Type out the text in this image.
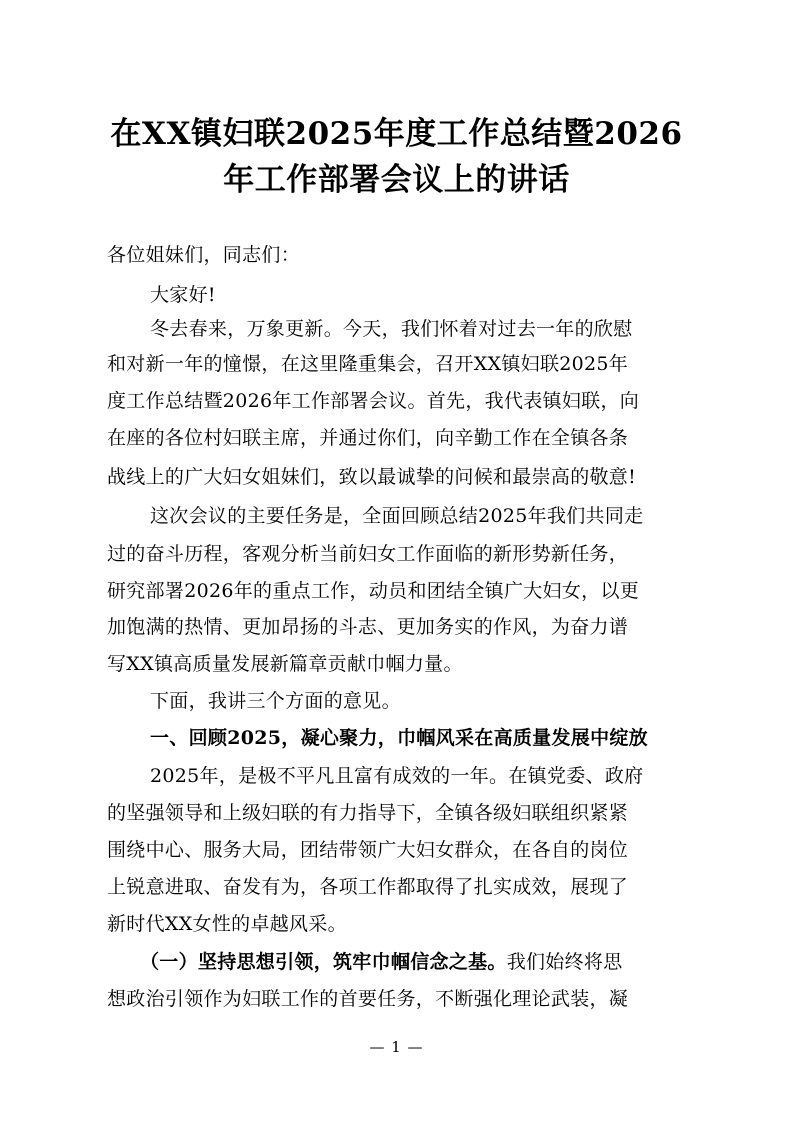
在XX镇妇联2025年度工作总结暨2026
年工作部署会议上的讲话
各位姐妹们，同志们：
大家好!
冬去春来，万象更新。今天，我们怀着对过去一年的欣慰
和对新一年的憧憬，在这里隆重集会，召开XX镇妇联2025年
度工作总结暨2026年工作部署会议。首先，我代表镇妇联，向
在座的各位村妇联主席，并通过你们，向辛勤工作在全镇各条
战线上的广大妇女姐妹们，致以最诚挚的问候和最崇高的敬意!
这次会议的主要任务是，全面回顾总结2025年我们共同走
过的奋斗历程，客观分析当前妇女工作面临的新形势新任务，
研究部署2026年的重点工作，动员和团结全镇广大妇女，以更
加饱满的热情、更加昂扬的斗志、更加务实的作风，为奋力谱
写XX镇高质量发展新篇章贡献巾帼力量。
下面，我讲三个方面的意见。
一、回顾2025，凝心聚力，巾帼风采在高质量发展中绽放
2025年，是极不平凡且富有成效的一年。在镇党委、政府
的坚强领导和上级妇联的有力指导下，全镇各级妇联组织紧紧
围绕中心、服务大局，团结带领广大妇女群众，在各自的岗位
上锐意进取、奋发有为，各项工作都取得了扎实成效，展现了
新时代XX女性的卓越风采。
（一）坚持思想引领，筑牢巾帼信念之基。我们始终将思
想政治引领作为妇联工作的首要任务，不断强化理论武装，凝
— 1 —
